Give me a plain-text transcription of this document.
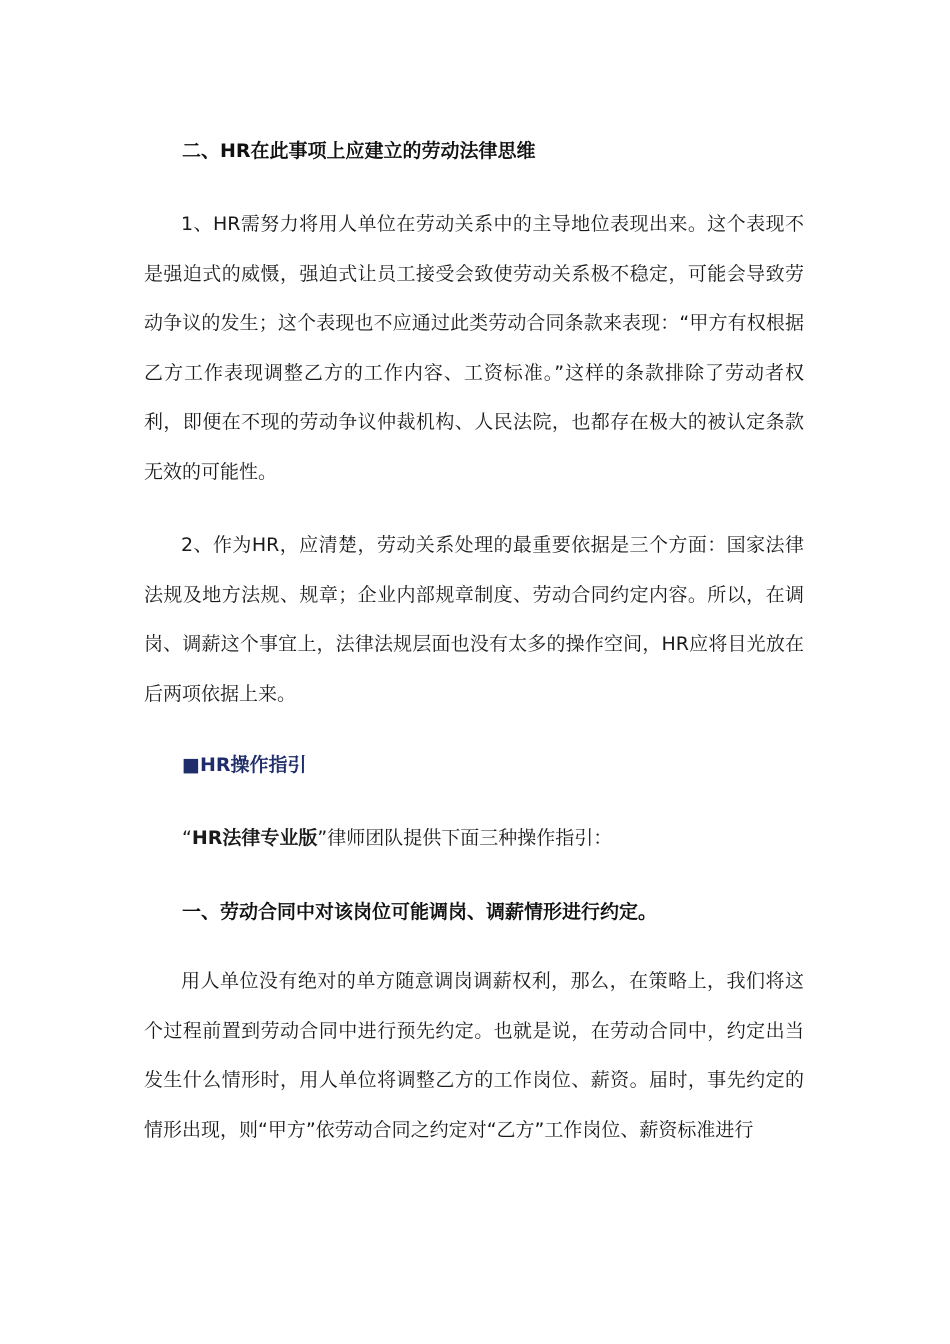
二、HR在此事项上应建立的劳动法律思维

1、HR需努力将用人单位在劳动关系中的主导地位表现出来。这个表现不是强迫式的威慑，强迫式让员工接受会致使劳动关系极不稳定，可能会导致劳动争议的发生；这个表现也不应通过此类劳动合同条款来表现：“甲方有权根据乙方工作表现调整乙方的工作内容、工资标准。”这样的条款排除了劳动者权利，即便在不现的劳动争议仲裁机构、人民法院，也都存在极大的被认定条款无效的可能性。

2、作为HR，应清楚，劳动关系处理的最重要依据是三个方面：国家法律法规及地方法规、规章；企业内部规章制度、劳动合同约定内容。所以，在调岗、调薪这个事宜上，法律法规层面也没有太多的操作空间，HR应将目光放在后两项依据上来。

■HR操作指引
“HR法律专业版”律师团队提供下面三种操作指引：
一、劳动合同中对该岗位可能调岗、调薪情形进行约定。

用人单位没有绝对的单方随意调岗调薪权利，那么，在策略上，我们将这个过程前置到劳动合同中进行预先约定。也就是说，在劳动合同中，约定出当发生什么情形时，用人单位将调整乙方的工作岗位、薪资。届时，事先约定的情形出现，则“甲方”依劳动合同之约定对“乙方”工作岗位、薪资标准进行
